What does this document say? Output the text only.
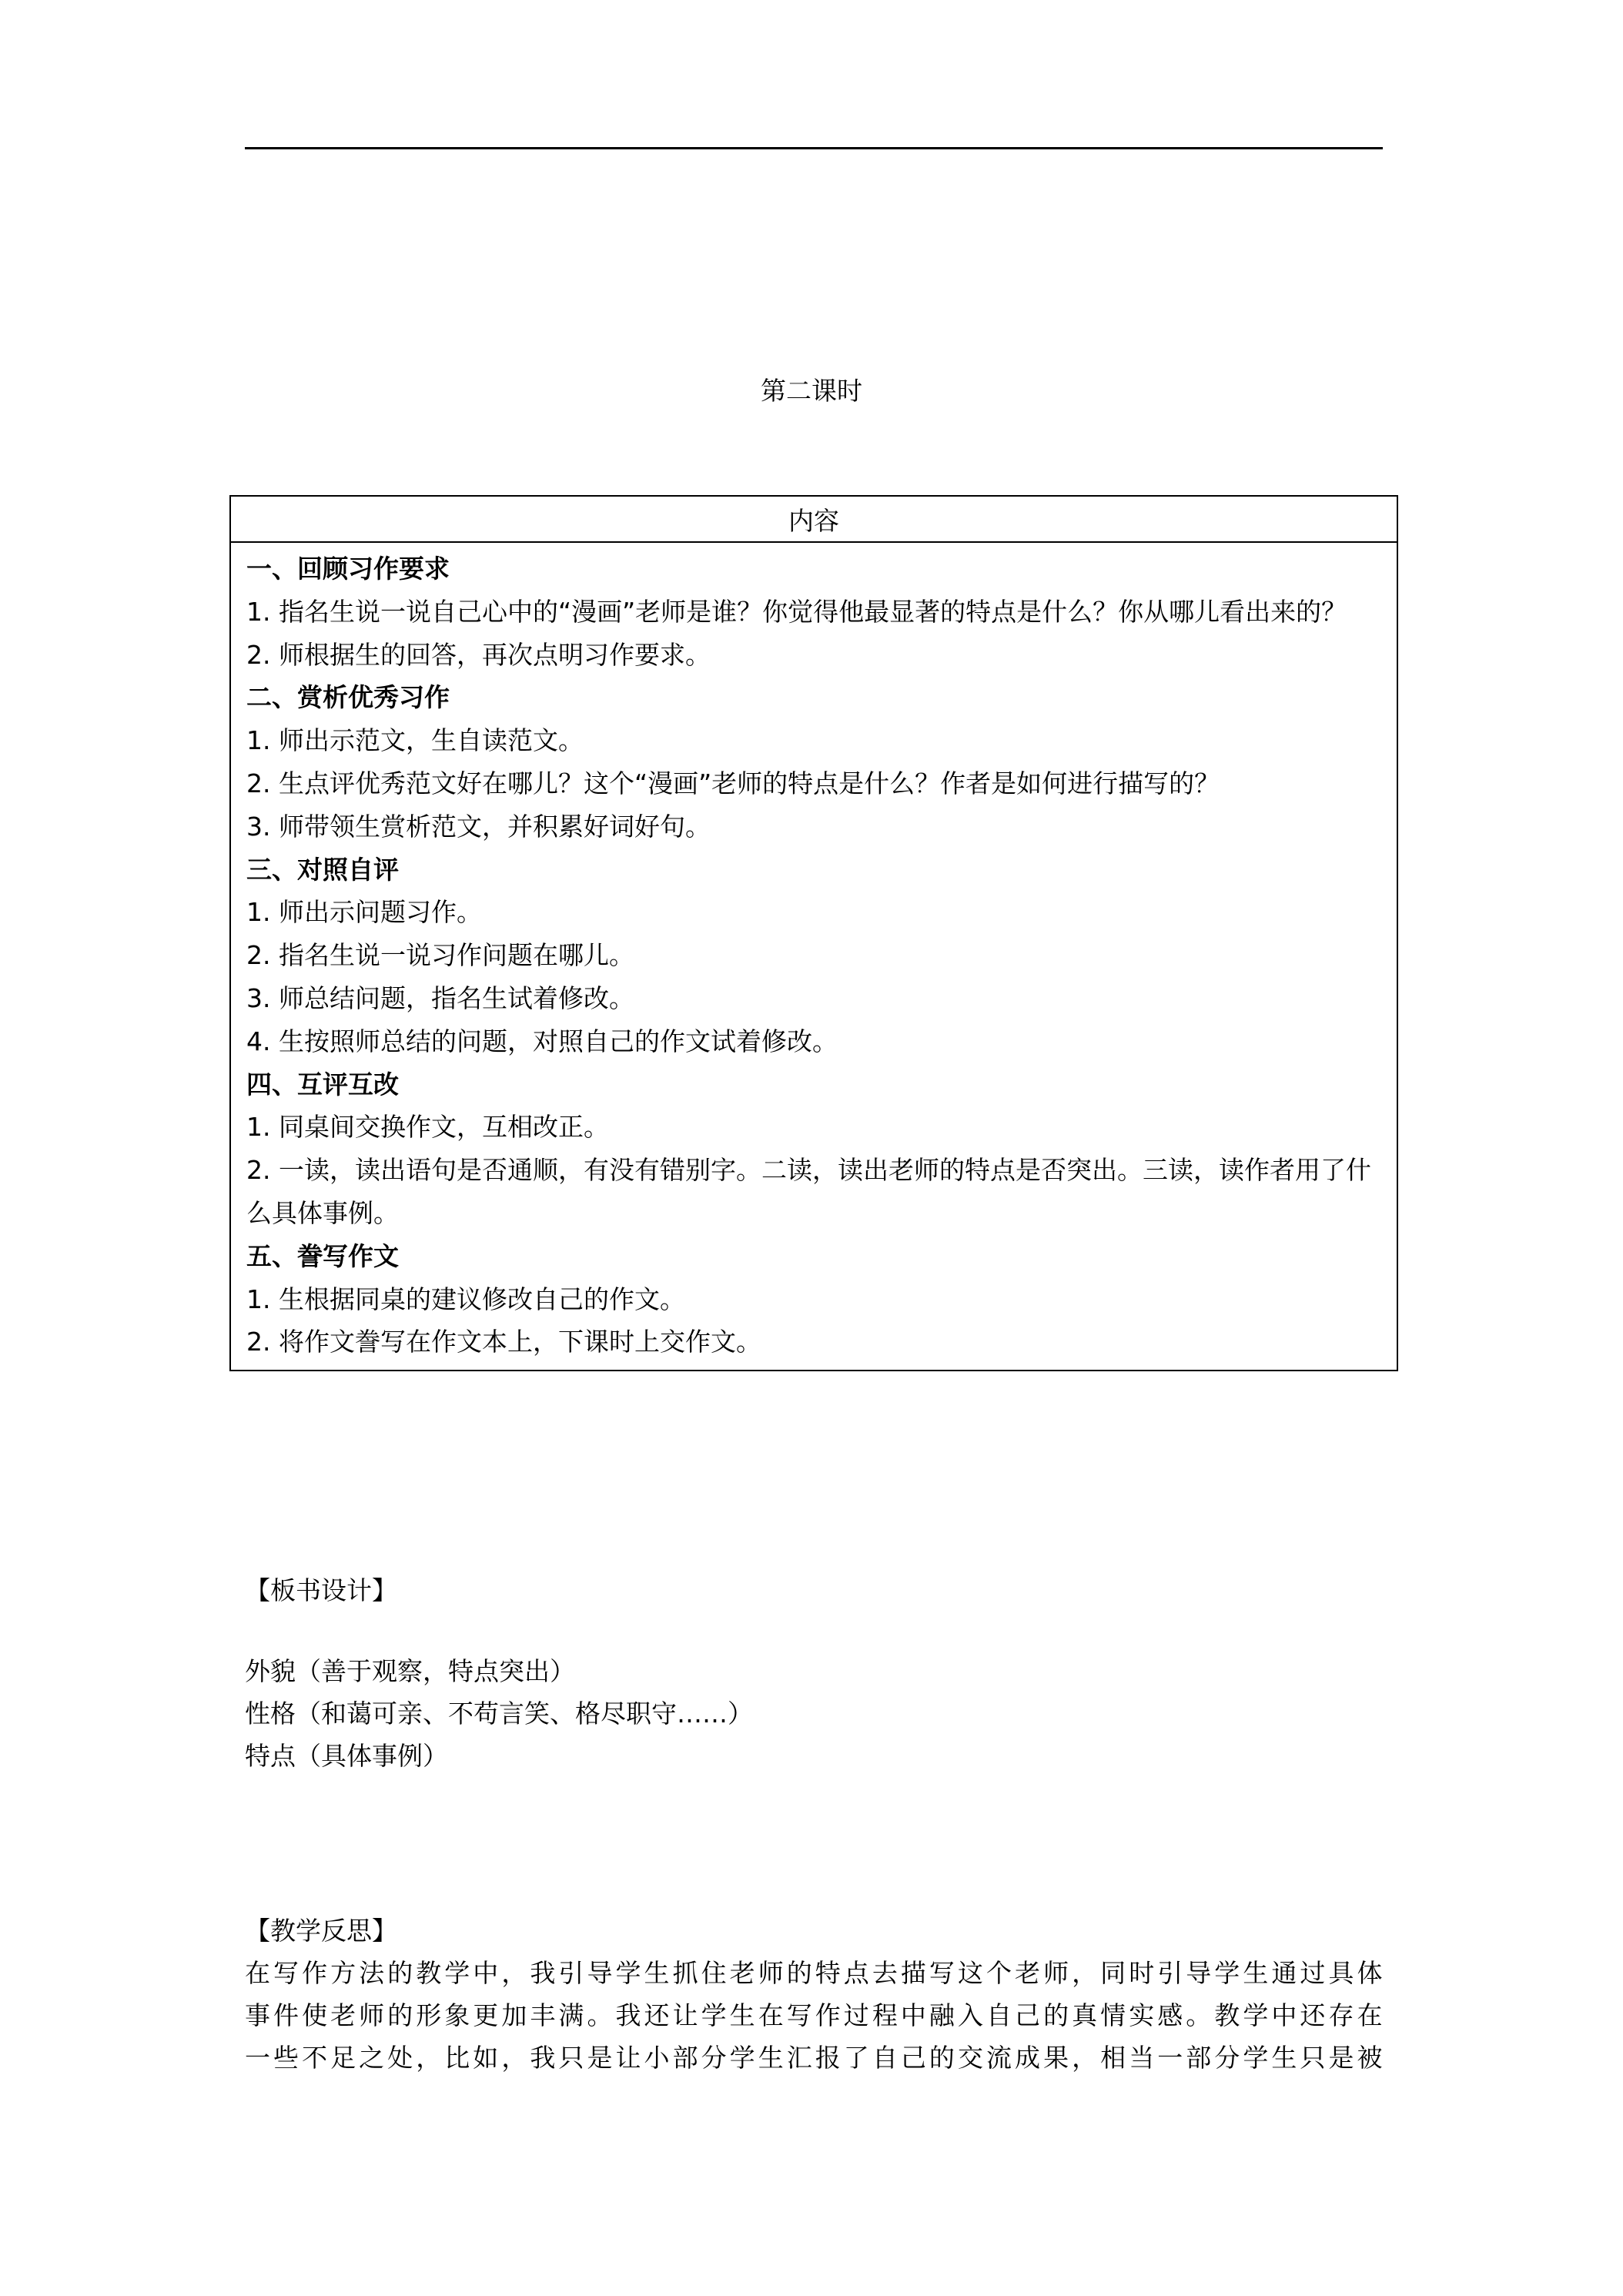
第二课时
内容

一、回顾习作要求
1. 指名生说一说自己心中的“漫画”老师是谁？你觉得他最显著的特点是什么？你从哪儿看出来的？
2. 师根据生的回答，再次点明习作要求。
二、赏析优秀习作
1. 师出示范文，生自读范文。
2. 生点评优秀范文好在哪儿？这个“漫画”老师的特点是什么？作者是如何进行描写的？
3. 师带领生赏析范文，并积累好词好句。
三、对照自评
1. 师出示问题习作。
2. 指名生说一说习作问题在哪儿。
3. 师总结问题，指名生试着修改。
4. 生按照师总结的问题，对照自己的作文试着修改。
四、互评互改
1. 同桌间交换作文，互相改正。
2. 一读，读出语句是否通顺，有没有错别字。二读，读出老师的特点是否突出。三读，读作者用了什么具体事例。
五、誊写作文
1. 生根据同桌的建议修改自己的作文。
2. 将作文誊写在作文本上，下课时上交作文。
【板书设计】
外貌（善于观察，特点突出）
性格（和蔼可亲、不苟言笑、格尽职守……）
特点（具体事例）
【教学反思】
在写作方法的教学中，我引导学生抓住老师的特点去描写这个老师，同时引导学生通过具体
事件使老师的形象更加丰满。我还让学生在写作过程中融入自己的真情实感。教学中还存在
一些不足之处，比如，我只是让小部分学生汇报了自己的交流成果，相当一部分学生只是被
